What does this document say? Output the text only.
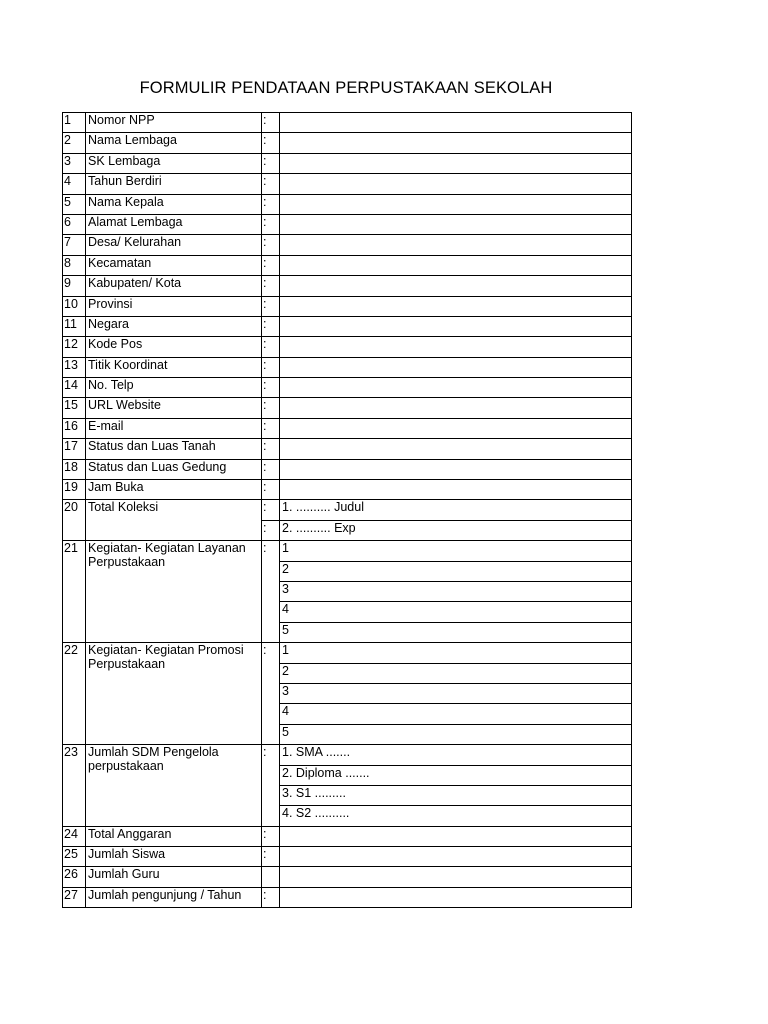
FORMULIR PENDATAAN PERPUSTAKAAN SEKOLAH
1	Nomor NPP	:	
2	Nama Lembaga	:	
3	SK Lembaga	:	
4	Tahun Berdiri	:	
5	Nama Kepala	:	
6	Alamat Lembaga	:	
7	Desa/ Kelurahan	:	
8	Kecamatan	:	
9	Kabupaten/ Kota	:	
10	Provinsi	:	
11	Negara	:	
12	Kode Pos	:	
13	Titik Koordinat	:	
14	No. Telp	:	
15	URL Website	:	
16	E-mail	:	
17	Status dan Luas Tanah	:	
18	Status dan Luas Gedung	:	
19	Jam Buka	:	
20	Total Koleksi	:	1. .......... Judul
		:	2. .......... Exp
21	Kegiatan- Kegiatan Layanan Perpustakaan	:	1
			2
			3
			4
			5
22	Kegiatan- Kegiatan Promosi Perpustakaan	:	1
			2
			3
			4
			5
23	Jumlah SDM Pengelola perpustakaan	:	1. SMA .......
			2. Diploma .......
			3. S1 .........
			4. S2 ..........
24	Total Anggaran	:	
25	Jumlah Siswa	:	
26	Jumlah Guru		
27	Jumlah pengunjung / Tahun	:	
